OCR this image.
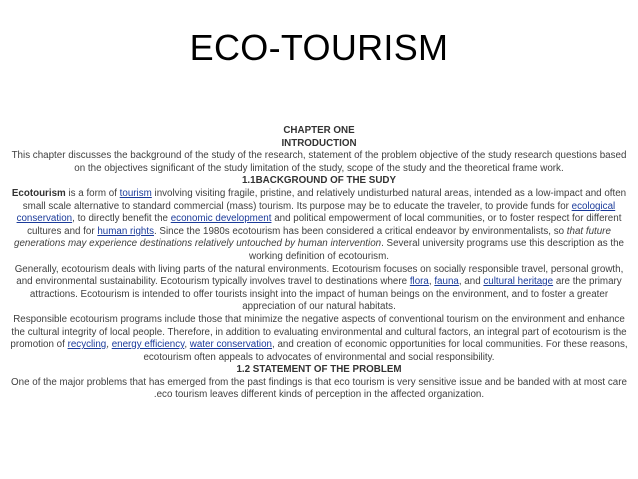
ECO-TOURISM

CHAPTER ONE

INTRODUCTION

This chapter discusses the background of the study of the research, statement of the problem objective of the study research questions based on the objectives significant of the study limitation of the study, scope of the study and the theoretical frame work.

1.1BACKGROUND OF THE SUDY

Ecotourism is a form of tourism involving visiting fragile, pristine, and relatively undisturbed natural areas, intended as a low-impact and often small scale alternative to standard commercial (mass) tourism. Its purpose may be to educate the traveler, to provide funds for ecological conservation, to directly benefit the economic development and political empowerment of local communities, or to foster respect for different cultures and for human rights. Since the 1980s ecotourism has been considered a critical endeavor by environmentalists, so that future generations may experience destinations relatively untouched by human intervention. Several university programs use this description as the working definition of ecotourism.

Generally, ecotourism deals with living parts of the natural environments. Ecotourism focuses on socially responsible travel, personal growth, and environmental sustainability. Ecotourism typically involves travel to destinations where flora, fauna, and cultural heritage are the primary attractions. Ecotourism is intended to offer tourists insight into the impact of human beings on the environment, and to foster a greater appreciation of our natural habitats.

Responsible ecotourism programs include those that minimize the negative aspects of conventional tourism on the environment and enhance the cultural integrity of local people. Therefore, in addition to evaluating environmental and cultural factors, an integral part of ecotourism is the promotion of recycling, energy efficiency, water conservation, and creation of economic opportunities for local communities. For these reasons, ecotourism often appeals to advocates of environmental and social responsibility.

1.2 STATEMENT OF THE PROBLEM

One of the major problems that has emerged from the past findings is that eco tourism is very sensitive issue and be banded with at most care .eco tourism leaves different kinds of perception in the affected organization.
